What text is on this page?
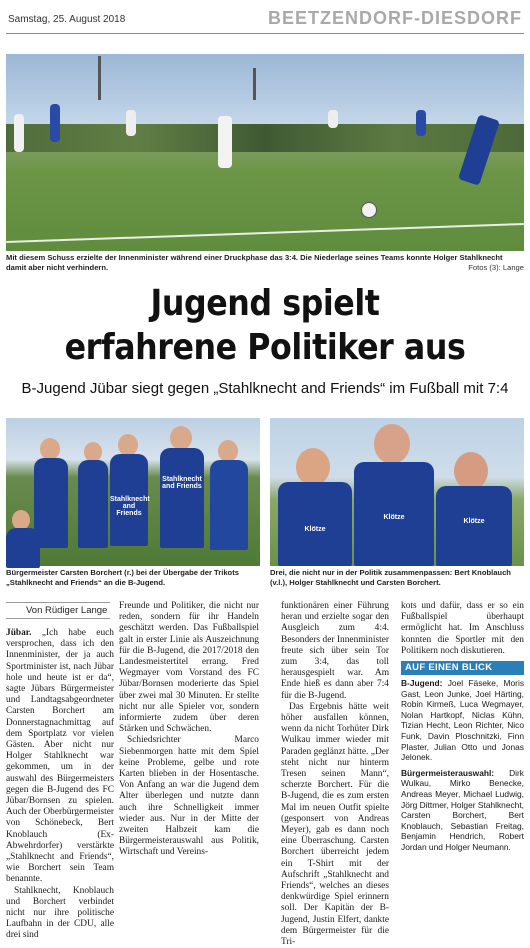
Samstag, 25. August 2018	BEETZENDORF-DIESDORF
Mit diesem Schuss erzielte der Innenminister während einer Druckphase das 3:4. Die Niederlage seines Teams konnte Holger Stahlknecht damit aber nicht verhindern.	Fotos (3): Lange
Jugend spielt
erfahrene Politiker aus
B-Jugend Jübar siegt gegen „Stahlknecht and Friends“ im Fußball mit 7:4
Stahlknecht and Friends
Stahlknecht and Friends
Klötze
Klötze
Klötze
Bürgermeister Carsten Borchert (r.) bei der Übergabe der Trikots „Stahlknecht and Friends“ an die B-Jugend.
Drei, die nicht nur in der Politik zusammenpassen: Bert Knoblauch (v.l.), Holger Stahlknecht und Carsten Borchert.
Von Rüdiger Lange

Jübar. „Ich habe euch versprochen, dass ich den Innenminister, der ja auch Sportminister ist, nach Jübar hole und heute ist er da“, sagte Jübars Bürgermeister und Landtagsabgeordneter Carsten Borchert am Donnerstagnachmittag auf dem Sportplatz vor vielen Gästen. Aber nicht nur Holger Stahlknecht war gekommen, um in der auswahl des Bürgermeisters gegen die B-Jugend des FC Jübar/Bornsen zu spielen. Auch der Oberbürgermeister von Schönebeck, Bert Knoblauch (Ex-Abwehrdorfer) verstärkte „Stahlknecht and Friends“, wie Borchert sein Team benannte.

Stahlknecht, Knoblauch und Borchert verbindet nicht nur ihre politische Laufbahn in der CDU, alle drei sind

Freunde und Politiker, die nicht nur reden, sondern für ihr Handeln geschätzt werden. Das Fußballspiel galt in erster Linie als Auszeichnung für die B-Jugend, die 2017/2018 den Landesmeistertitel errang. Fred Wegmayer vom Vorstand des FC Jübar/Bornsen moderierte das Spiel über zwei mal 30 Minuten. Er stellte nicht nur alle Spieler vor, sondern informierte zudem über deren Stärken und Schwächen.

Schiedsrichter Marco Siebenmorgen hatte mit dem Spiel keine Probleme, gelbe und rote Karten blieben in der Hosentasche. Von Anfang an war die Jugend dem Alter überlegen und nutzte dann auch ihre Schnelligkeit immer wieder aus. Nur in der Mitte der zweiten Halbzeit kam die Bürgermeisterauswahl aus Politik, Wirtschaft und Vereins-

funktionären einer Führung heran und erzielte sogar den Ausgleich zum 4:4. Besonders der Innenminister freute sich über sein Tor zum 3:4, das toll herausgespielt war. Am Ende hieß es dann aber 7:4 für die B-Jugend.

Das Ergebnis hätte weit höher ausfallen können, wenn da nicht Torhüter Dirk Wulkau immer wieder mit Paraden geglänzt hätte. „Der steht nicht nur hinterm Tresen seinen Mann“, scherzte Borchert. Für die B-Jugend, die es zum ersten Mal im neuen Outfit spielte (gesponsert von Andreas Meyer), gab es dann noch eine Überraschung. Carsten Borchert überreicht jedem ein T-Shirt mit der Aufschrift „Stahlknecht and Friends“, welches an dieses denkwürdige Spiel erinnern soll. Der Kapitän der B-Jugend, Justin Elfert, dankte dem Bürgermeister für die Tri-

kots und dafür, dass er so ein Fußballspiel überhaupt ermöglicht hat. Im Anschluss konnten die Sportler mit den Politikern noch diskutieren.

AUF EINEN BLICK

B-Jugend: Joel Fäseke, Moris Gast, Leon Junke, Joel Härting, Robin Kirmeß, Luca Wegmayer, Nolan Hartkopf, Niclas Kühn, Tizian Hecht, Leon Richter, Nico Funk, Davin Ploschnitzki, Finn Plaster, Julian Otto und Jonas Jelonek.

Bürgermeisterauswahl: Dirk Wulkau, Mirko Benecke, Andreas Meyer, Michael Ludwig, Jörg Dittmer, Holger Stahlknecht, Carsten Borchert, Bert Knoblauch, Sebastian Freitag, Benjamin Hendrich, Robert Jordan und Holger Neumann.
